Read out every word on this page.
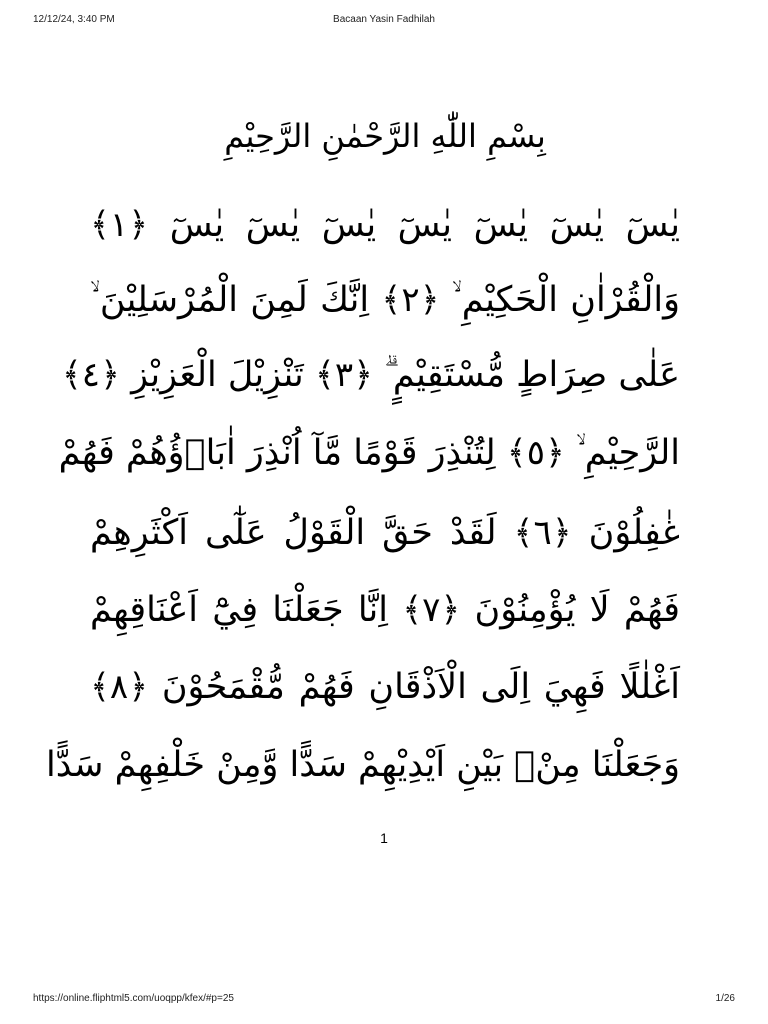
12/12/24, 3:40 PM	Bacaan Yasin Fadhilah
بِسْمِ اللّٰهِ الرَّحْمٰنِ الرَّحِيْمِ
يٰسٓ يٰسٓ يٰسٓ يٰسٓ يٰسٓ يٰسٓ يٰسٓ ﴿١﴾
وَالْقُرْاٰنِ الْحَكِيْمِ ۙ ﴿٢﴾ اِنَّكَ لَمِنَ الْمُرْسَلِيْنَ ۙ
عَلٰى صِرَاطٍ مُّسْتَقِيْمٍ ۗ ﴿٣﴾ تَنْزِيْلَ الْعَزِيْزِ ﴿٤﴾
الرَّحِيْمِ ۙ ﴿٥﴾ لِتُنْذِرَ قَوْمًا مَّآ اُنْذِرَ اٰبَاۤؤُهُمْ فَهُمْ
غٰفِلُوْنَ ﴿٦﴾ لَقَدْ حَقَّ الْقَوْلُ عَلٰٓى اَكْثَرِهِمْ
فَهُمْ لَا يُؤْمِنُوْنَ ﴿٧﴾ اِنَّا جَعَلْنَا فِيْٓ اَعْنَاقِهِمْ
اَغْلٰلًا فَهِيَ اِلَى الْاَذْقَانِ فَهُمْ مُّقْمَحُوْنَ ﴿٨﴾
وَجَعَلْنَا مِنْۢ بَيْنِ اَيْدِيْهِمْ سَدًّا وَّمِنْ خَلْفِهِمْ سَدًّا
1
https://online.fliphtml5.com/uoqpp/kfex/#p=25	1/26
